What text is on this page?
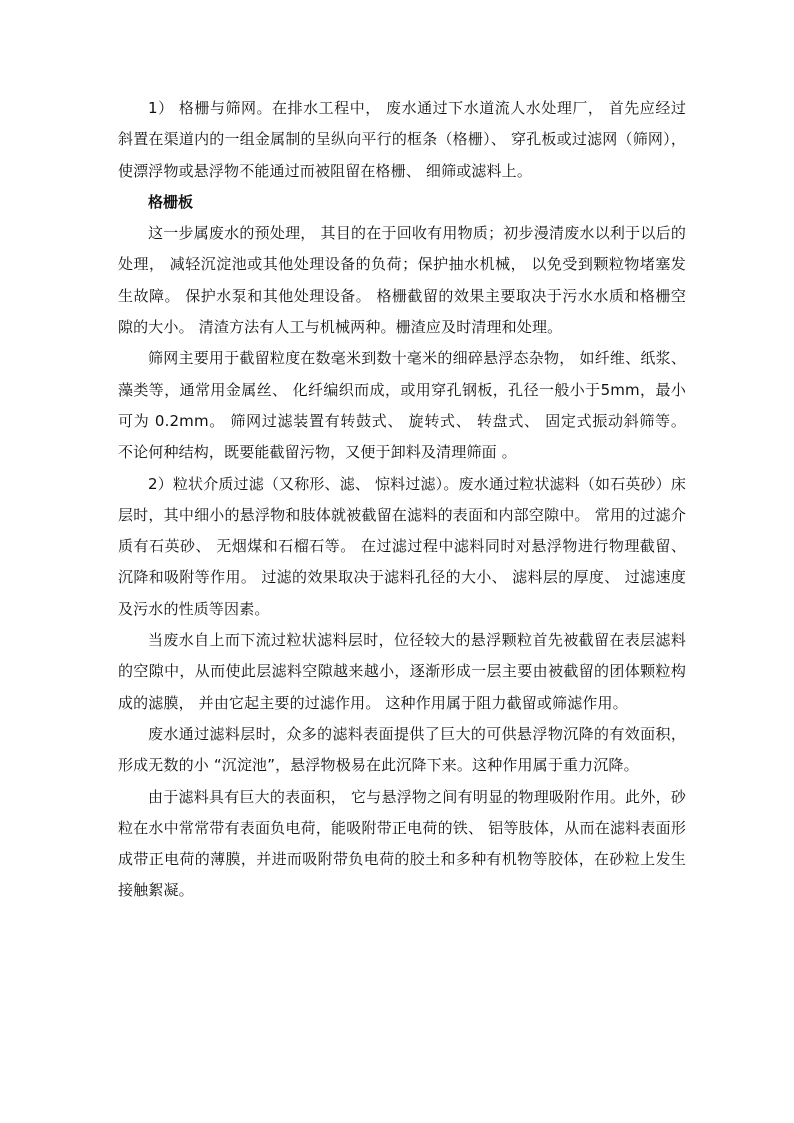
1） 格栅与筛网。在排水工程中， 废水通过下水道流人水处理厂， 首先应经过斜置在渠道内的一组金属制的呈纵向平行的框条（格栅）、 穿孔板或过滤网（筛网）， 使漂浮物或悬浮物不能通过而被阻留在格栅、 细筛或滤料上。

格栅板

这一步属废水的预处理， 其目的在于回收有用物质；初步漫清废水以利于以后的处理， 减轻沉淀池或其他处理设备的负荷；保护抽水机械， 以免受到颗粒物堵塞发生故障。 保护水泵和其他处理设备。 格栅截留的效果主要取决于污水水质和格栅空隙的大小。 清渣方法有人工与机械两种。栅渣应及时清理和处理。

筛网主要用于截留粒度在数毫米到数十毫米的细碎悬浮态杂物， 如纤维、纸浆、 藻类等，通常用金属丝、 化纤编织而成，或用穿孔钢板，孔径一般小于5mm，最小可为 0.2mm。 筛网过滤装置有转鼓式、 旋转式、 转盘式、 固定式振动斜筛等。 不论何种结构，既要能截留污物，又便于卸料及清理筛面 。

2）粒状介质过滤（又称形、滤、 惊料过滤）。废水通过粒状滤料（如石英砂）床层时，其中细小的悬浮物和肢体就被截留在滤料的表面和内部空隙中。 常用的过滤介质有石英砂、 无烟煤和石榴石等。 在过滤过程中滤料同时对悬浮物进行物理截留、沉降和吸附等作用。 过滤的效果取决于滤料孔径的大小、 滤料层的厚度、 过滤速度及污水的性质等因素。

当废水自上而下流过粒状滤料层时，位径较大的悬浮颗粒首先被截留在表层滤料的空隙中，从而使此层滤料空隙越来越小，逐渐形成一层主要由被截留的团体颗粒构成的滤膜， 并由它起主要的过滤作用。 这种作用属于阻力截留或筛滤作用。

废水通过滤料层时，众多的滤料表面提供了巨大的可供悬浮物沉降的有效面积，形成无数的小 “沉淀池”，悬浮物极易在此沉降下来。这种作用属于重力沉降。

由于滤料具有巨大的表面积， 它与悬浮物之间有明显的物理吸附作用。此外，砂粒在水中常常带有表面负电荷，能吸附带正电荷的铁、 铝等肢体，从而在滤料表面形成带正电荷的薄膜，并进而吸附带负电荷的胶土和多种有机物等胶体，在砂粒上发生接触絮凝。
